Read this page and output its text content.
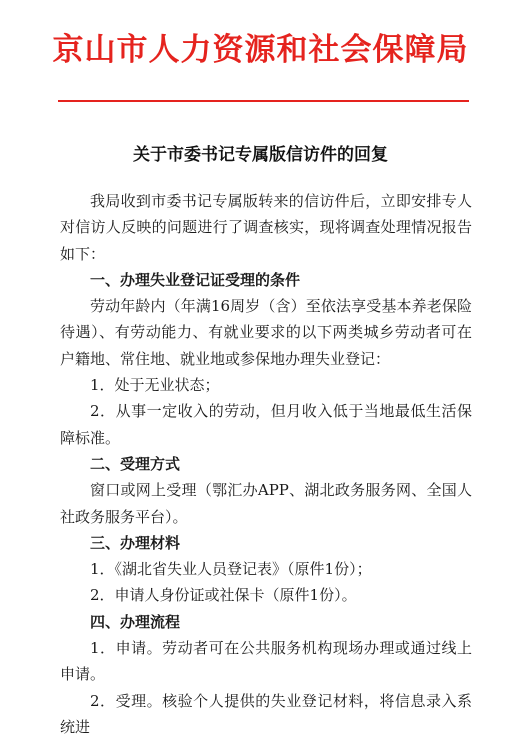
京山市人力资源和社会保障局
关于市委书记专属版信访件的回复

我局收到市委书记专属版转来的信访件后，立即安排专人对信访人反映的问题进行了调查核实，现将调查处理情况报告如下：

一、办理失业登记证受理的条件

劳动年龄内（年满16周岁（含）至依法享受基本养老保险待遇）、有劳动能力、有就业要求的以下两类城乡劳动者可在户籍地、常住地、就业地或参保地办理失业登记：

1．处于无业状态；

2．从事一定收入的劳动，但月收入低于当地最低生活保障标准。

二、受理方式

窗口或网上受理（鄂汇办APP、湖北政务服务网、全国人社政务服务平台）。

三、办理材料

1．《湖北省失业人员登记表》（原件1份）；

2．申请人身份证或社保卡（原件1份）。

四、办理流程

1．申请。劳动者可在公共服务机构现场办理或通过线上申请。

2．受理。核验个人提供的失业登记材料，将信息录入系统进
